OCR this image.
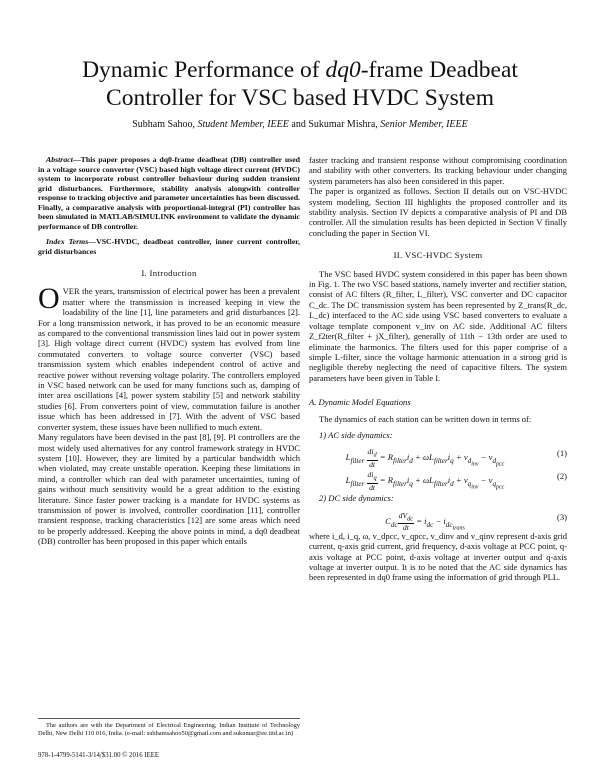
Dynamic Performance of dq0-frame Deadbeat
Controller for VSC based HVDC System
Subham Sahoo, Student Member, IEEE and Sukumar Mishra, Senior Member, IEEE

Abstract—This paper proposes a dq0-frame deadbeat (DB) controller used in a voltage source converter (VSC) based high voltage direct current (HVDC) system to incorporate robust controller behaviour during sudden transient grid disturbances. Furthermore, stability analysis alongwith controller response to tracking objective and parameter uncertainties has been discussed. Finally, a comparative analysis with proportional-integral (PI) controller has been simulated in MATLAB/SIMULINK environment to validate the dynamic performance of DB controller.

Index Terms—VSC-HVDC, deadbeat controller, inner current controller, grid disturbances

I. Introduction

OVER the years, transmission of electrical power has been a prevalent matter where the transmission is increased keeping in view the loadability of the line [1], line parameters and grid disturbances [2]. For a long transmission network, it has proved to be an economic measure as compared to the conventional transmission lines laid out in power system [3]. High voltage direct current (HVDC) system has evolved from line commutated converters to voltage source converter (VSC) based transmission system which enables independent control of active and reactive power without reversing voltage polarity. The controllers employed in VSC based network can be used for many functions such as, damping of inter area oscillations [4], power system stability [5] and network stability studies [6]. From converters point of view, commutation failure is another issue which has been addressed in [7]. With the advent of VSC based converter system, these issues have been nullified to much extent.

Many regulators have been devised in the past [8], [9]. PI controllers are the most widely used alternatives for any control framework strategy in HVDC system [10]. However, they are limited by a particular bandwidth which when violated, may create unstable operation. Keeping these limitations in mind, a controller which can deal with parameter uncertainties, tuning of gains without much sensitivity would be a great addition to the existing literature. Since faster power tracking is a mandate for HVDC systems as transmission of power is involved, controller coordination [11], controller transient response, tracking characteristics [12] are some areas which need to be properly addressed. Keeping the above points in mind, a dq0 deadbeat (DB) controller has been proposed in this paper which entails

faster tracking and transient response without compromising coordination and stability with other converters. Its tracking behaviour under changing system parameters has also been considered in this paper.

The paper is organized as follows. Section II details out on VSC-HVDC system modeling, Section III highlights the proposed controller and its stability analysis. Section IV depicts a comparative analysis of PI and DB controller. All the simulation results has been depicted in Section V finally concluding the paper in Section VI.

II. VSC-HVDC System

The VSC based HVDC system considered in this paper has been shown in Fig. 1. The two VSC based stations, namely inverter and rectifier station, consist of AC filters (R_filter, L_filter), VSC converter and DC capacitor C_dc. The DC transmission system has been represented by Z_trans(R_dc, L_dc) interfaced to the AC side using VSC based converters to evaluate a voltage template component v_inv on AC side. Additional AC filters Z_f2ter(R_filter + jX_filter), generally of 11th − 13th order are used to eliminate the harmonics. The filters used for this paper comprise of a simple L-filter, since the voltage harmonic attenuation in a strong grid is negligible thereby neglecting the need of capacitive filters. The system parameters have been given in Table I.

A. Dynamic Model Equations

The dynamics of each station can be written down in terms of:

1) AC side dynamics:
$L_{filter} \frac{di_d}{dt} = R_{filter}i_d + \omega L_{filter}i_q + v_{d_{inv}} - v_{d_{pcc}}$
(1)
$L_{filter} \frac{di_q}{dt} = R_{filter}i_q + \omega L_{filter}i_d + v_{q_{inv}} - v_{q_{pcc}}$
(2)
2) DC side dynamics:
$C_{dc} \frac{dV_{dc}}{dt} = i_{dc} - i_{dc_{trans}}$
(3)

where i_d, i_q, ω, v_dpcc, v_qpcc, v_dinv and v_qinv represent d-axis grid current, q-axis grid current, grid frequency, d-axis voltage at PCC point, q-axis voltage at PCC point, d-axis voltage at inverter output and q-axis voltage at inverter output. It is to be noted that the AC side dynamics has been represented in dq0 frame using the information of grid through PLL.

The authors are with the Department of Electrical Engineering, Indian Institute of Technology Delhi, New Delhi 110 016, India. (e-mail: subhamsahoo50@gmail.com and sukumar@ee.iitd.ac.in)

978-1-4799-5141-3/14/$31.00 © 2016 IEEE
